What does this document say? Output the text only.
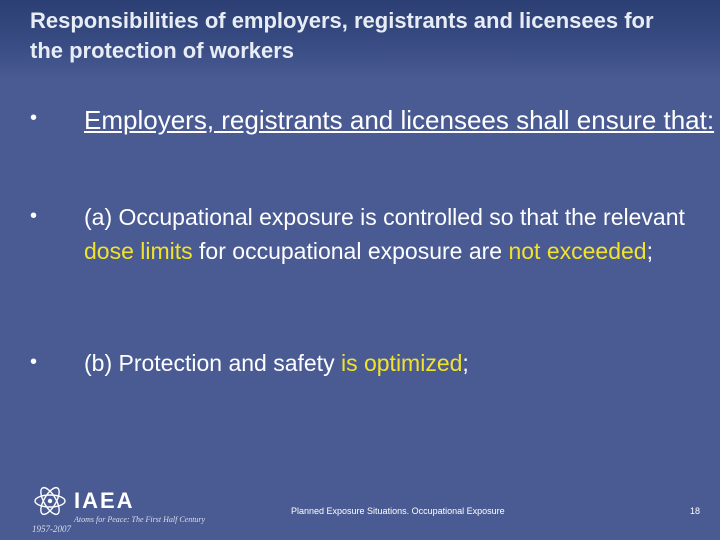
Responsibilities of employers, registrants and licensees for the protection of workers
• Employers, registrants and licensees shall ensure that:
• (a) Occupational exposure is controlled so that the relevant dose limits for occupational exposure are not exceeded;
• (b) Protection and safety is optimized;
IAEA
Atoms for Peace: The First Half Century
1957-2007
Planned Exposure Situations. Occupational Exposure	18
